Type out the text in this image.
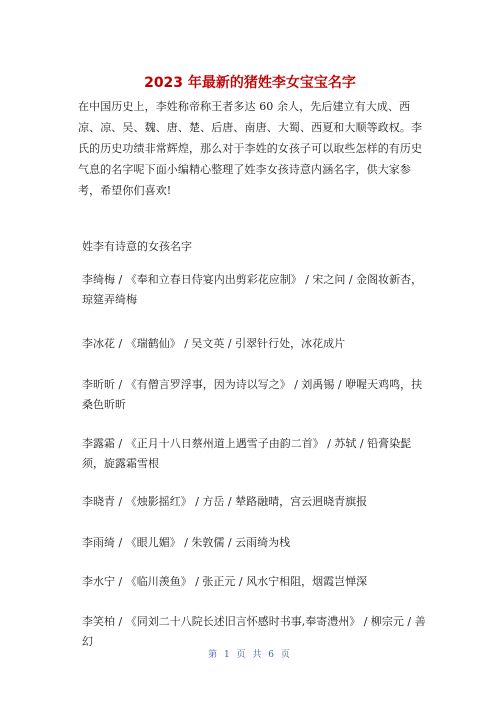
2023 年最新的猪姓李女宝宝名字

在中国历史上，李姓称帝称王者多达 60 余人，先后建立有大成、西凉、凉、吴、魏、唐、楚、后唐、南唐、大蜀、西夏和大顺等政权。李氏的历史功绩非常辉煌，那么对于李姓的女孩子可以取些怎样的有历史气息的名字呢下面小编精心整理了姓李女孩诗意内涵名字，供大家参考，希望你们喜欢!

姓李有诗意的女孩名字

李绮梅 / 《奉和立春日侍宴内出剪彩花应制》 / 宋之问 / 金阁妆新杏，琼筵弄绮梅

李冰花 / 《瑞鹤仙》 / 吴文英 / 引翠针行处，冰花成片

李昕昕 / 《有僧言罗浮事，因为诗以写之》 / 刘禹锡 / 咿喔天鸡鸣，扶桑色昕昕

李露霜 / 《正月十八日蔡州道上遇雪子由韵二首》 / 苏轼 / 铅膏染髭须，旋露霜雪根

李晓青 / 《烛影摇红》 / 方岳 / 辇路融晴，宫云迥晓青旗报

李雨绮 / 《眼儿媚》 / 朱敦儒 / 云雨绮为栈

李水宁 / 《临川羡鱼》 / 张正元 / 风水宁相阻，烟霞岂惮深

李笑柏 / 《同刘二十八院长述旧言怀感时书事,奉寄澧州》 / 柳宗元 / 善幻

第 1 页 共 6 页
